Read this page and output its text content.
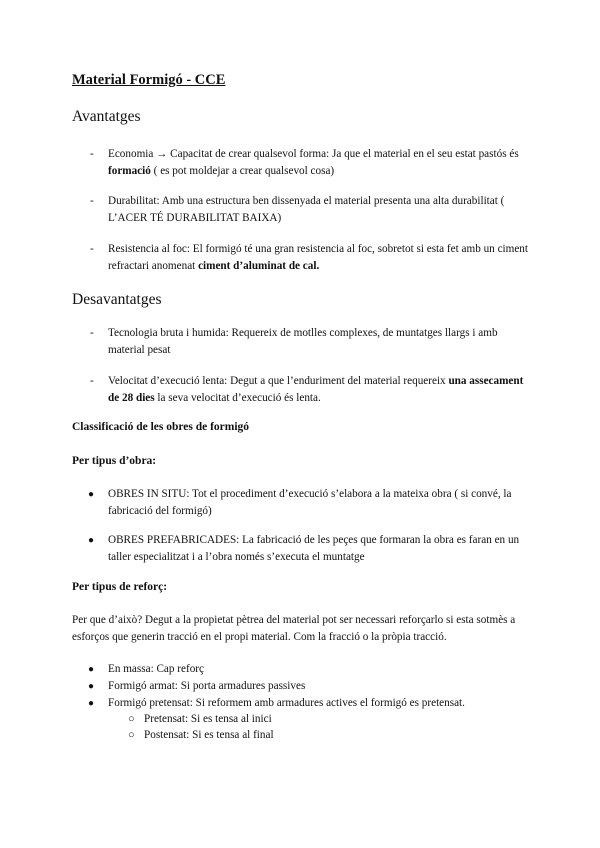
Material Formigó - CCE
Avantatges
- Economia → Capacitat de crear qualsevol forma: Ja que el material en el seu estat pastós és formació ( es pot moldejar a crear qualsevol cosa)
- Durabilitat: Amb una estructura ben dissenyada el material presenta una alta durabilitat ( L’ACER TÉ DURABILITAT BAIXA)
- Resistencia al foc: El formigó té una gran resistencia al foc, sobretot si esta fet amb un ciment refractari anomenat ciment d’aluminat de cal.
Desavantatges
- Tecnologia bruta i humida: Requereix de motlles complexes, de muntatges llargs i amb material pesat
- Velocitat d’execució lenta: Degut a que l’enduriment del material requereix una assecament de 28 dies la seva velocitat d’execució és lenta.
Classificació de les obres de formigó
Per tipus d’obra:
● OBRES IN SITU: Tot el procediment d’execució s’elabora a la mateixa obra ( si convé, la fabricació del formigó)
● OBRES PREFABRICADES: La fabricació de les peçes que formaran la obra es faran en un taller especialitzat i a l’obra només s’executa el muntatge
Per tipus de reforç:
Per que d’això? Degut a la propietat pètrea del material pot ser necessari reforçarlo si esta sotmès a esforços que generin tracció en el propi material. Com la fracció o la pròpia tracció.
● En massa: Cap reforç
● Formigó armat: Si porta armadures passives
● Formigó pretensat: Si reformem amb armadures actives el formigó es pretensat.
○ Pretensat: Si es tensa al inici
○ Postensat: Si es tensa al final
